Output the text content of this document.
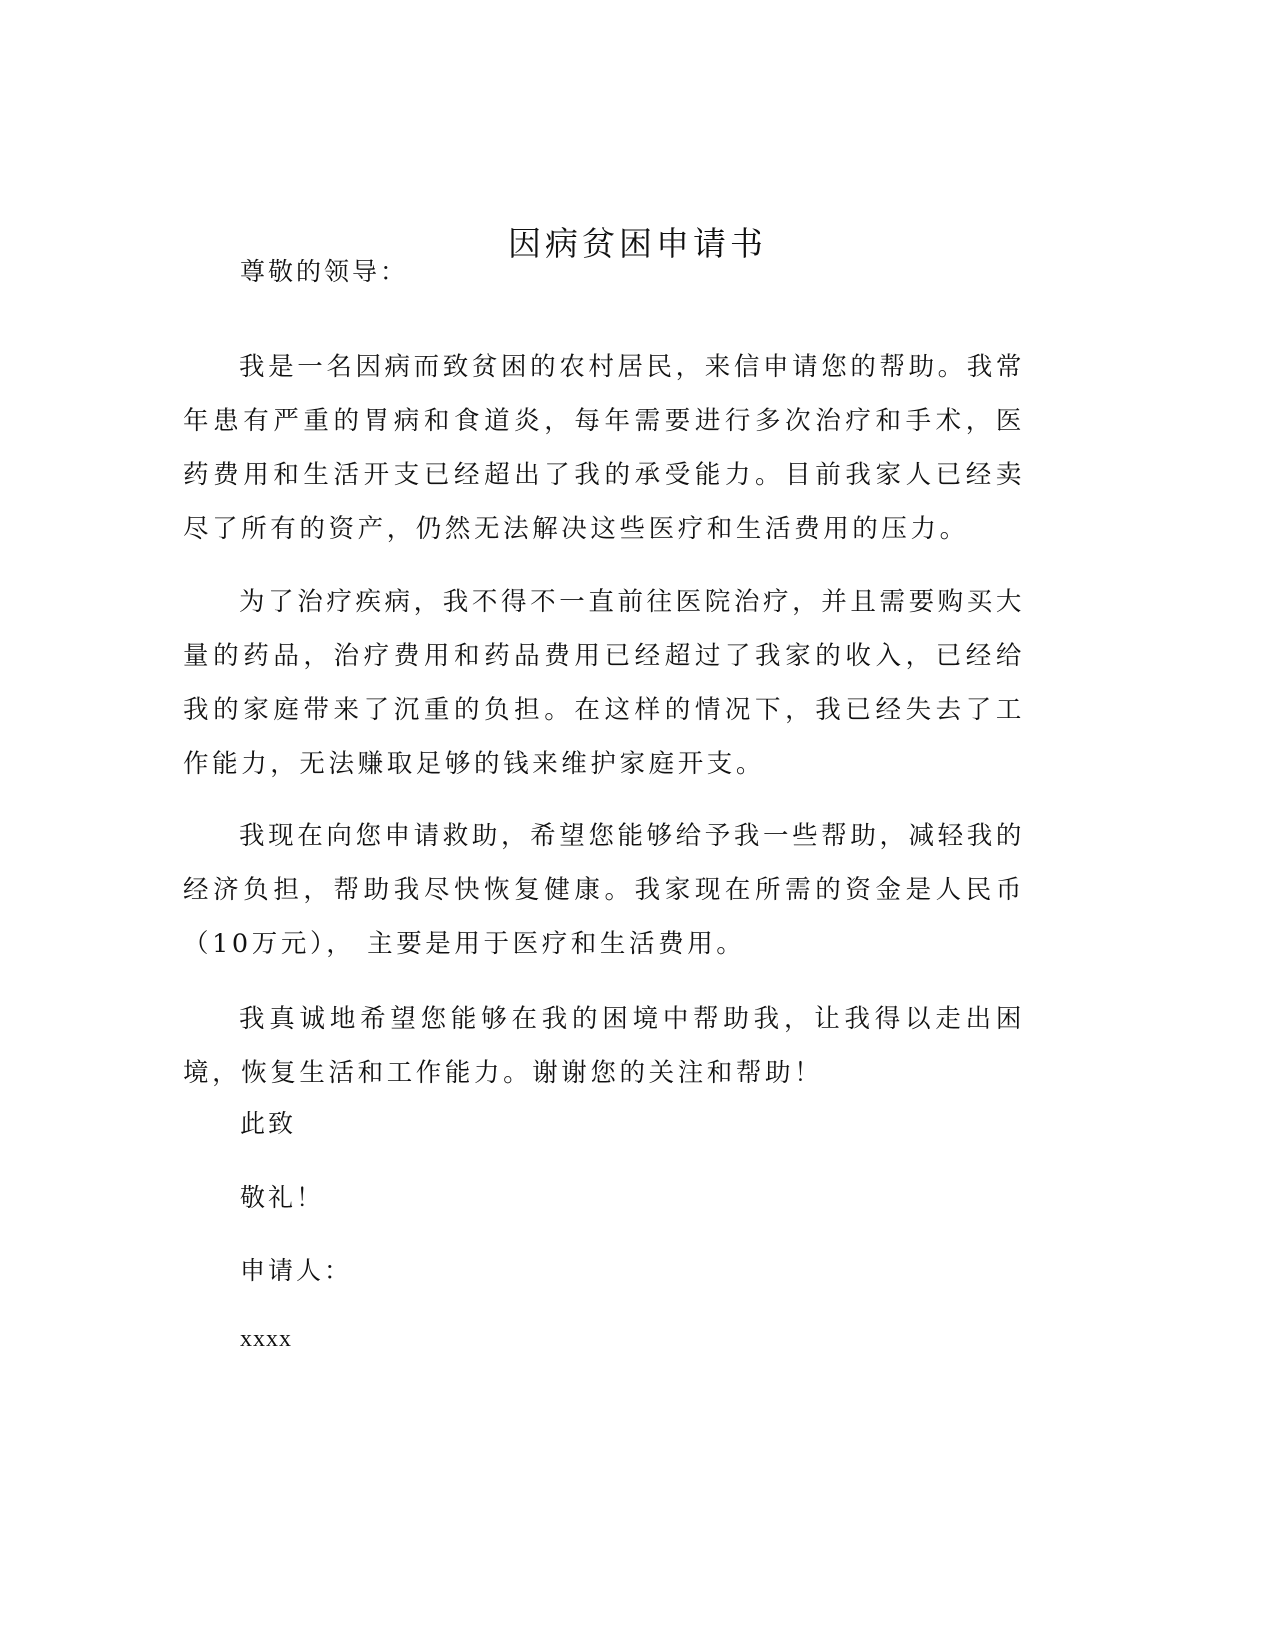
因病贫困申请书
尊敬的领导：

我是一名因病而致贫困的农村居民，来信申请您的帮助。我常年患有严重的胃病和食道炎，每年需要进行多次治疗和手术，医药费用和生活开支已经超出了我的承受能力。目前我家人已经卖尽了所有的资产，仍然无法解决这些医疗和生活费用的压力。

为了治疗疾病，我不得不一直前往医院治疗，并且需要购买大量的药品，治疗费用和药品费用已经超过了我家的收入，已经给我的家庭带来了沉重的负担。在这样的情况下，我已经失去了工作能力，无法赚取足够的钱来维护家庭开支。

我现在向您申请救助，希望您能够给予我一些帮助，减轻我的经济负担，帮助我尽快恢复健康。我家现在所需的资金是人民币（10万元）， 主要是用于医疗和生活费用。

我真诚地希望您能够在我的困境中帮助我，让我得以走出困境，恢复生活和工作能力。谢谢您的关注和帮助！

此致
敬礼！
申请人：
xxxx
